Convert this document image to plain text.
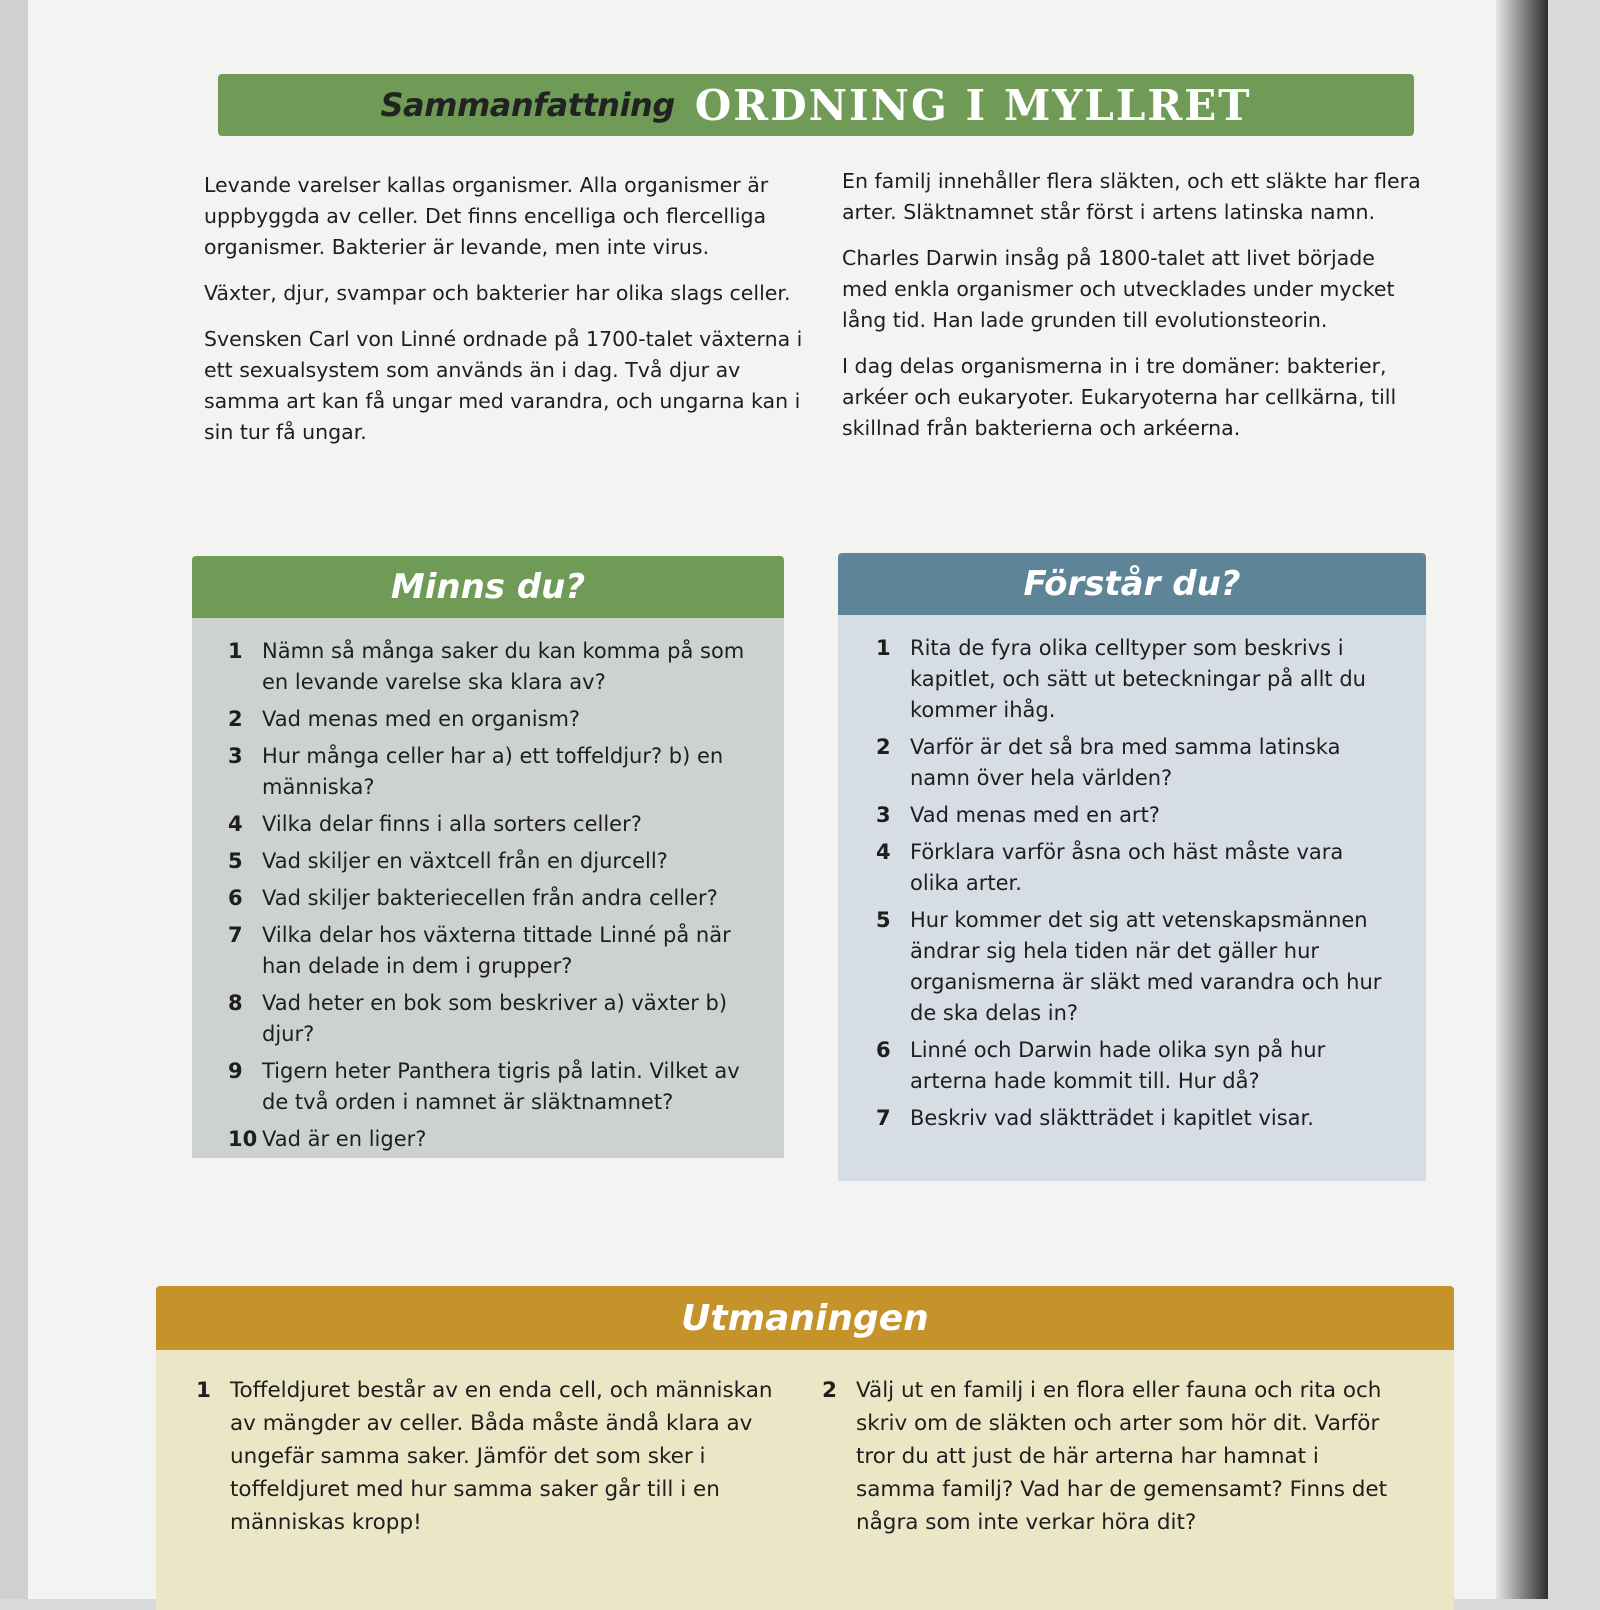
Sammanfattning ORDNING I MYLLRET

Levande varelser kallas organismer. Alla organismer är uppbyggda av celler. Det finns encelliga och flercelliga organismer. Bakterier är levande, men inte virus.

Växter, djur, svampar och bakterier har olika slags celler.

Svensken Carl von Linné ordnade på 1700-talet växterna i ett sexualsystem som används än i dag. Två djur av samma art kan få ungar med varandra, och ungarna kan i sin tur få ungar.

En familj innehåller flera släkten, och ett släkte har flera arter. Släktnamnet står först i artens latinska namn.

Charles Darwin insåg på 1800-talet att livet började med enkla organismer och utvecklades under mycket lång tid. Han lade grunden till evolutionsteorin.

I dag delas organismerna in i tre domäner: bakterier, arkéer och eukaryoter. Eukaryoterna har cellkärna, till skillnad från bakterierna och arkéerna.

Minns du?
1 Nämn så många saker du kan komma på som en levande varelse ska klara av?
2 Vad menas med en organism?
3 Hur många celler har a) ett toffeldjur? b) en människa?
4 Vilka delar finns i alla sorters celler?
5 Vad skiljer en växtcell från en djurcell?
6 Vad skiljer bakteriecellen från andra celler?
7 Vilka delar hos växterna tittade Linné på när han delade in dem i grupper?
8 Vad heter en bok som beskriver a) växter b) djur?
9 Tigern heter Panthera tigris på latin. Vilket av de två orden i namnet är släktnamnet?
10 Vad är en liger?
Förstår du?
1 Rita de fyra olika celltyper som beskrivs i kapitlet, och sätt ut beteckningar på allt du kommer ihåg.
2 Varför är det så bra med samma latinska namn över hela världen?
3 Vad menas med en art?
4 Förklara varför åsna och häst måste vara olika arter.
5 Hur kommer det sig att vetenskapsmännen ändrar sig hela tiden när det gäller hur organismerna är släkt med varandra och hur de ska delas in?
6 Linné och Darwin hade olika syn på hur arterna hade kommit till. Hur då?
7 Beskriv vad släktträdet i kapitlet visar.
Utmaningen
1 Toffeldjuret består av en enda cell, och människan av mängder av celler. Båda måste ändå klara av ungefär samma saker. Jämför det som sker i toffeldjuret med hur samma saker går till i en människas kropp!
2 Välj ut en familj i en flora eller fauna och rita och skriv om de släkten och arter som hör dit. Varför tror du att just de här arterna har hamnat i samma familj? Vad har de gemensamt? Finns det några som inte verkar höra dit?
